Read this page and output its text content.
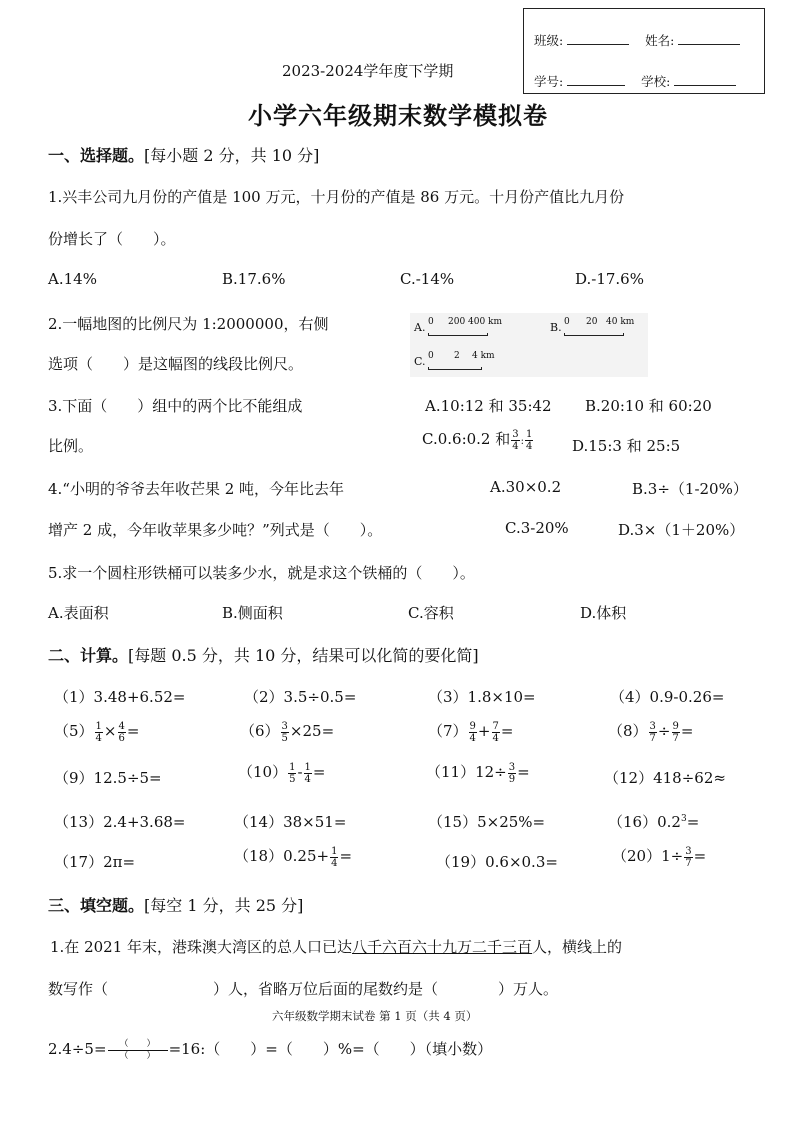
班级:	姓名:
学号:	学校:
2023-2024学年度下学期
小学六年级期末数学模拟卷
一、选择题。[每小题 2 分，共 10 分]
1.兴丰公司九月份的产值是 100 万元，十月份的产值是 86 万元。十月份产值比九月份
份增长了（　　）。
A.14%	B.17.6%	C.-14%	D.-17.6%
2.一幅地图的比例尺为 1:2000000，右侧
选项（　　）是这幅图的线段比例尺。
A. 0 200 400 km	B. 0 20 40 km
C. 0 2 4 km
3.下面（　　）组中的两个比不能组成	A.10:12 和 35:42 B.20:10 和 60:20
比例。	C.0.6:0.2 和 $\frac{3}{4}$ : $\frac{1}{4}$	D.15:3 和 25:5
4.“小明的爷爷去年收芒果 2 吨，今年比去年	A.30×0.2	B.3÷（1-20%）
增产 2 成，今年收苹果多少吨？”列式是（　　）。	C.3-20%	D.3×（1＋20%）
5.求一个圆柱形铁桶可以装多少水，就是求这个铁桶的（　　）。
A.表面积	B.侧面积	C.容积	D.体积
二、计算。[每题 0.5 分，共 10 分，结果可以化简的要化简]
（1）3.48+6.52=	（2）3.5÷0.5=	（3）1.8×10=	（4）0.9-0.26=
$(5) \frac{1}{4} \times \frac{4}{6}$ =	$(6) \frac{3}{5} \times 25=$	$(7) \frac{9}{4} + \frac{7}{4}$ =	$(8) \frac{3}{7} \div \frac{9}{7}$ =
（9）12.5÷5=	$(10) \frac{1}{5} - \frac{1}{4}$ =	$(11)12\div \frac{3}{9}$ =	（12）418÷62≈
（13）2.4+3.68=	（14）38×51=	（15）5×25%=	$(16)0.2^3=$
（17）2π=	$(18)0.25+ \frac{1}{4}$ =	（19）0.6×0.3=	$(20)1\div \frac{3}{7}$ =
三、填空题。[每空 1 分，共 25 分]
1.在 2021 年末，港珠澳大湾区的总人口已达八千六百六十九万二千三百人，横线上的
数写作（　　　　　　　）人，省略万位后面的尾数约是（　　　　）万人。
六年级数学期末试卷 第 1 页（共 4 页）
$2.4\div 5= \frac{( )}{( )}$ =16:（　　）=（　　）%=（　　）（填小数）
